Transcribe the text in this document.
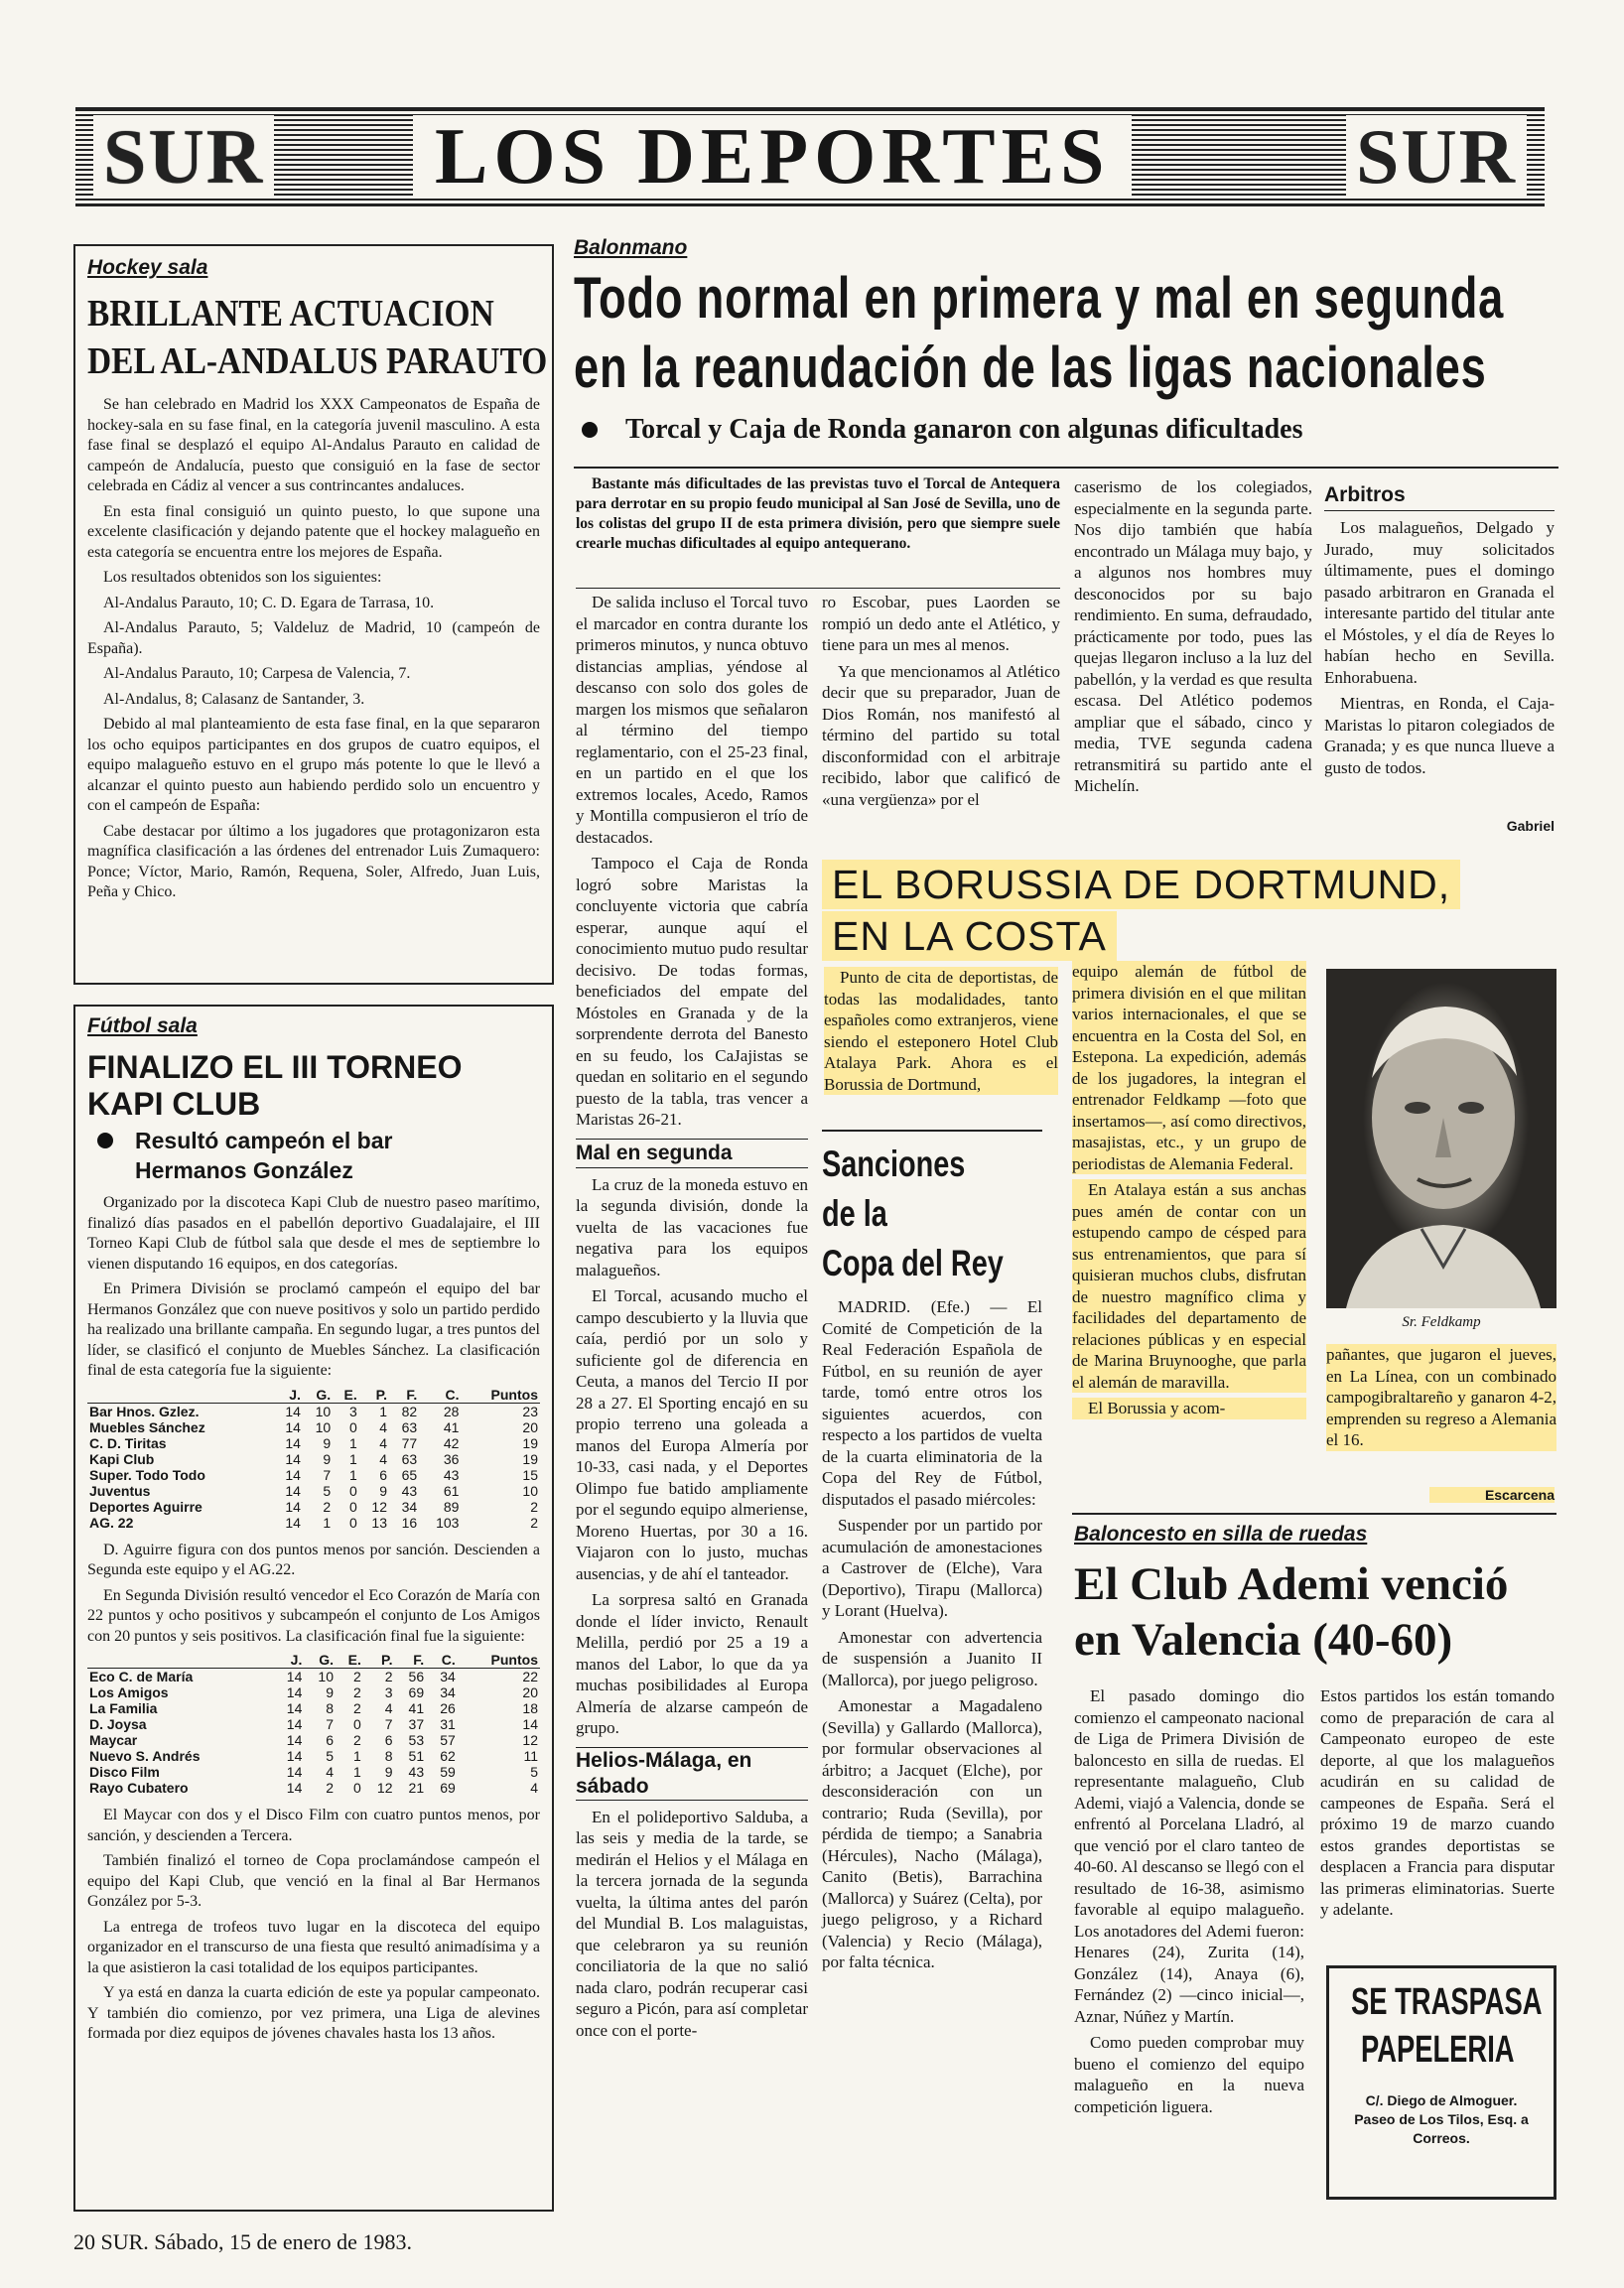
SUR LOS DEPORTES	SUR
Hockey sala
BRILLANTE ACTUACION
DEL AL-ANDALUS PARAUTO

Se han celebrado en Madrid los XXX Campeonatos de España de hockey-sala en su fase final, en la categoría juvenil masculino. A esta fase final se desplazó el equipo Al-Andalus Parauto en calidad de campeón de Andalucía, puesto que consiguió en la fase de sector celebrada en Cádiz al vencer a sus contrincantes andaluces.

En esta final consiguió un quinto puesto, lo que supone una excelente clasificación y dejando patente que el hockey malagueño en esta categoría se encuentra entre los mejores de España.

Los resultados obtenidos son los siguientes:

Al-Andalus Parauto, 10; C. D. Egara de Tarrasa, 10.

Al-Andalus Parauto, 5; Valdeluz de Madrid, 10 (campeón de España).

Al-Andalus Parauto, 10; Carpesa de Valencia, 7.

Al-Andalus, 8; Calasanz de Santander, 3.

Debido al mal planteamiento de esta fase final, en la que separaron los ocho equipos participantes en dos grupos de cuatro equipos, el equipo malagueño estuvo en el grupo más potente lo que le llevó a alcanzar el quinto puesto aun habiendo perdido solo un encuentro y con el campeón de España:

Cabe destacar por último a los jugadores que protagonizaron esta magnífica clasificación a las órdenes del entrenador Luis Zumaquero: Ponce; Víctor, Mario, Ramón, Requena, Soler, Alfredo, Juan Luis, Peña y Chico.

Fútbol sala
FINALIZO EL III TORNEO
KAPI CLUB
Resultó campeón el bar
Hermanos González

Organizado por la discoteca Kapi Club de nuestro paseo marítimo, finalizó días pasados en el pabellón deportivo Guadalajaire, el III Torneo Kapi Club de fútbol sala que desde el mes de septiembre lo vienen disputando 16 equipos, en dos categorías.

En Primera División se proclamó campeón el equipo del bar Hermanos González que con nueve positivos y solo un partido perdido ha realizado una brillante campaña. En segundo lugar, a tres puntos del líder, se clasificó el conjunto de Muebles Sánchez. La clasificación final de esta categoría fue la siguiente:

	J.	G.	E.	P.	F.	C.	Puntos
Bar Hnos. Gzlez.	14	10	3	1	82	28	23
Muebles Sánchez	14	10	0	4	63	41	20
C. D. Tiritas	14	9	1	4	77	42	19
Kapi Club	14	9	1	4	63	36	19
Super. Todo Todo	14	7	1	6	65	43	15
Juventus	14	5	0	9	43	61	10
Deportes Aguirre	14	2	0	12	34	89	2
AG. 22	14	1	0	13	16	103	2

D. Aguirre figura con dos puntos menos por sanción. Descienden a Segunda este equipo y el AG.22.

En Segunda División resultó vencedor el Eco Corazón de María con 22 puntos y ocho positivos y subcampeón el conjunto de Los Amigos con 20 puntos y seis positivos. La clasificación final fue la siguiente:

	J.	G.	E.	P.	F.	C.	Puntos
Eco C. de María	14	10	2	2	56	34	22
Los Amigos	14	9	2	3	69	34	20
La Familia	14	8	2	4	41	26	18
D. Joysa	14	7	0	7	37	31	14
Maycar	14	6	2	6	53	57	12
Nuevo S. Andrés	14	5	1	8	51	62	11
Disco Film	14	4	1	9	43	59	5
Rayo Cubatero	14	2	0	12	21	69	4

El Maycar con dos y el Disco Film con cuatro puntos menos, por sanción, y descienden a Tercera.

También finalizó el torneo de Copa proclamándose campeón el equipo del Kapi Club, que venció en la final al Bar Hermanos González por 5-3.

La entrega de trofeos tuvo lugar en la discoteca del equipo organizador en el transcurso de una fiesta que resultó animadísima y a la que asistieron la casi totalidad de los equipos participantes.

Y ya está en danza la cuarta edición de este ya popular campeonato. Y también dio comienzo, por vez primera, una Liga de alevines formada por diez equipos de jóvenes chavales hasta los 13 años.

Balonmano
Todo normal en primera y mal en segunda
en la reanudación de las ligas nacionales
Torcal y Caja de Ronda ganaron con algunas dificultades

Bastante más dificultades de las previstas tuvo el Torcal de Antequera para derrotar en su propio feudo municipal al San José de Sevilla, uno de los colistas del grupo II de esta primera división, pero que siempre suele crearle muchas dificultades al equipo antequerano.

De salida incluso el Torcal tuvo el marcador en contra durante los primeros minutos, y nunca obtuvo distancias amplias, yéndose al descanso con solo dos goles de margen los mismos que señalaron al término del tiempo reglamentario, con el 25-23 final, en un partido en el que los extremos locales, Acedo, Ramos y Montilla compusieron el trío de destacados.

Tampoco el Caja de Ronda logró sobre Maristas la concluyente victoria que cabría esperar, aunque aquí el conocimiento mutuo pudo resultar decisivo. De todas formas, beneficiados del empate del Móstoles en Granada y de la sorprendente derrota del Banesto en su feudo, los CaJajistas se quedan en solitario en el segundo puesto de la tabla, tras vencer a Maristas 26-21.

Mal en segunda

La cruz de la moneda estuvo en la segunda división, donde la vuelta de las vacaciones fue negativa para los equipos malagueños.

El Torcal, acusando mucho el campo descubierto y la lluvia que caía, perdió por un solo y suficiente gol de diferencia en Ceuta, a manos del Tercio II por 28 a 27. El Sporting encajó en su propio terreno una goleada a manos del Europa Almería por 10-33, casi nada, y el Deportes Olimpo fue batido ampliamente por el segundo equipo almeriense, Moreno Huertas, por 30 a 16. Viajaron con lo justo, muchas ausencias, y de ahí el tanteador.

La sorpresa saltó en Granada donde el líder invicto, Renault Melilla, perdió por 25 a 19 a manos del Labor, lo que da ya muchas posibilidades al Europa Almería de alzarse campeón de grupo.

Helios-Málaga, en
sábado

En el polideportivo Salduba, a las seis y media de la tarde, se medirán el Helios y el Málaga en la tercera jornada de la segunda vuelta, la última antes del parón del Mundial B. Los malaguistas, que celebraron ya su reunión conciliatoria de la que no salió nada claro, podrán recuperar casi seguro a Picón, para así completar once con el porte-

ro Escobar, pues Laorden se rompió un dedo ante el Atlético, y tiene para un mes al menos.

Ya que mencionamos al Atlético decir que su preparador, Juan de Dios Román, nos manifestó al término del partido su total disconformidad con el arbitraje recibido, labor que calificó de «una vergüenza» por el

caserismo de los colegiados, especialmente en la segunda parte. Nos dijo también que había encontrado un Málaga muy bajo, y a algunos nos hombres muy desconocidos por su bajo rendimiento. En suma, defraudado, prácticamente por todo, pues las quejas llegaron incluso a la luz del pabellón, y la verdad es que resulta escasa. Del Atlético podemos ampliar que el sábado, cinco y media, TVE segunda cadena retransmitirá su partido ante el Michelín.

Arbitros

Los malagueños, Delgado y Jurado, muy solicitados últimamente, pues el domingo pasado arbitraron en Granada el interesante partido del titular ante el Móstoles, y el día de Reyes lo habían hecho en Sevilla. Enhorabuena.

Mientras, en Ronda, el Caja-Maristas lo pitaron colegiados de Granada; y es que nunca llueve a gusto de todos.

Gabriel
EL BORUSSIA DE DORTMUND,
EN LA COSTA

Punto de cita de deportistas, de todas las modalidades, tanto españoles como extranjeros, viene siendo el esteponero Hotel Club Atalaya Park. Ahora es el Borussia de Dortmund,

Sanciones
de la
Copa del Rey

MADRID. (Efe.) — El Comité de Competición de la Real Federación Española de Fútbol, en su reunión de ayer tarde, tomó entre otros los siguientes acuerdos, con respecto a los partidos de vuelta de la cuarta eliminatoria de la Copa del Rey de Fútbol, disputados el pasado miércoles:

Suspender por un partido por acumulación de amonestaciones a Castrover de (Elche), Vara (Deportivo), Tirapu (Mallorca) y Lorant (Huelva).

Amonestar con advertencia de suspensión a Juanito II (Mallorca), por juego peligroso.

Amonestar a Magadaleno (Sevilla) y Gallardo (Mallorca), por formular observaciones al árbitro; a Jacquet (Elche), por desconsideración con un contrario; Ruda (Sevilla), por pérdida de tiempo; a Sanabria (Hércules), Nacho (Málaga), Canito (Betis), Barrachina (Mallorca) y Suárez (Celta), por juego peligroso, y a Richard (Valencia) y Recio (Málaga), por falta técnica.

equipo alemán de fútbol de primera división en el que militan varios internacionales, el que se encuentra en la Costa del Sol, en Estepona. La expedición, además de los jugadores, la integran el entrenador Feldkamp —foto que insertamos—, así como directivos, masajistas, etc., y un grupo de periodistas de Alemania Federal.

En Atalaya están a sus anchas pues amén de contar con un estupendo campo de césped para sus entrenamientos, que para sí quisieran muchos clubs, disfrutan de nuestro magnífico clima y facilidades del departamento de relaciones públicas y en especial de Marina Bruynooghe, que parla el alemán de maravilla.

El Borussia y acom-

Sr. Feldkamp

pañantes, que jugaron el jueves, en La Línea, con un combinado campogibraltareño y ganaron 4-2, emprenden su regreso a Alemania el 16.

Escarcena
Baloncesto en silla de ruedas
El Club Ademi venció
en Valencia (40-60)

El pasado domingo dio comienzo el campeonato nacional de Liga de Primera División de baloncesto en silla de ruedas. El representante malagueño, Club Ademi, viajó a Valencia, donde se enfrentó al Porcelana Lladró, al que venció por el claro tanteo de 40-60. Al descanso se llegó con el resultado de 16-38, asimismo favorable al equipo malagueño. Los anotadores del Ademi fueron: Henares (24), Zurita (14), González (14), Anaya (6), Fernández (2) —cinco inicial—, Aznar, Núñez y Martín.

Como pueden comprobar muy bueno el comienzo del equipo malagueño en la nueva competición liguera.

Estos partidos los están tomando como de preparación de cara al Campeonato europeo de este deporte, al que los malagueños acudirán en su calidad de campeones de España. Será el próximo 19 de marzo cuando estos grandes deportistas se desplacen a Francia para disputar las primeras eliminatorias. Suerte y adelante.

SE TRASPASA
PAPELERIA
C/. Diego de Almoguer.
Paseo de Los Tilos, Esq. a
Correos.
20 SUR. Sábado, 15 de enero de 1983.
